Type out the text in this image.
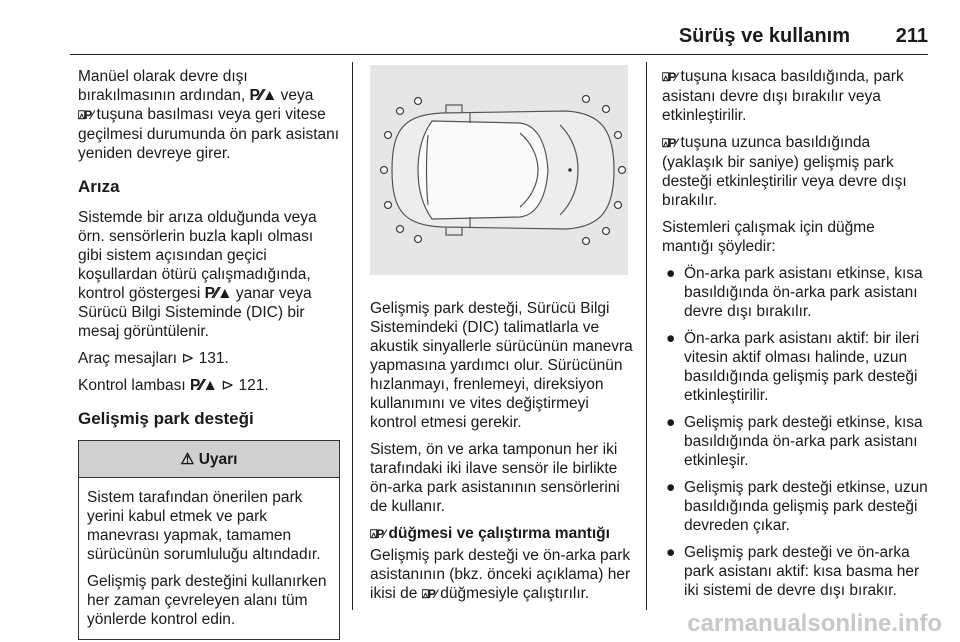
Sürüş ve kullanım 211

Manüel olarak devre dışı
bırakılmasının ardından, P⁄⁄▲ veya
⍓P⁄ tuşuna basılması veya geri vitese geçilmesi durumunda ön park asistanı yeniden devreye girer.

Arıza

Sistemde bir arıza olduğunda veya örn. sensörlerin buzla kaplı olması gibi sistem açısından geçici koşullardan ötürü çalışmadığında, kontrol göstergesi P⁄⁄▲ yanar veya Sürücü Bilgi Sisteminde (DIC) bir mesaj görüntülenir.

Araç mesajları ⊳ 131.

Kontrol lambası P⁄⁄▲ ⊳ 121.

Gelişmiş park desteği
⚠ Uyarı

Sistem tarafından önerilen park yerini kabul etmek ve park manevrası yapmak, tamamen sürücünün sorumluluğu altındadır.

Gelişmiş park desteğini kullanırken her zaman çevreleyen alanı tüm yönlerde kontrol edin.

Gelişmiş park desteği, Sürücü Bilgi Sistemindeki (DIC) talimatlarla ve akustik sinyallerle sürücünün manevra yapmasına yardımcı olur. Sürücünün hızlanmayı, frenlemeyi, direksiyon kullanımını ve vites değiştirmeyi kontrol etmesi gerekir.

Sistem, ön ve arka tamponun her iki tarafındaki iki ilave sensör ile birlikte ön-arka park asistanının sensörlerini de kullanır.

⍓P⁄ düğmesi ve çalıştırma mantığı

Gelişmiş park desteği ve ön-arka park asistanının (bkz. önceki açıklama) her ikisi de ⍓P⁄ düğmesiyle çalıştırılır.

⍓P⁄ tuşuna kısaca basıldığında, park asistanı devre dışı bırakılır veya etkinleştirilir.

⍓P⁄ tuşuna uzunca basıldığında (yaklaşık bir saniye) gelişmiş park desteği etkinleştirilir veya devre dışı bırakılır.

Sistemleri çalışmak için düğme mantığı şöyledir:

● Ön-arka park asistanı etkinse, kısa basıldığında ön-arka park asistanı devre dışı bırakılır.
● Ön-arka park asistanı aktif: bir ileri vitesin aktif olması halinde, uzun basıldığında gelişmiş park desteği etkinleştirilir.
● Gelişmiş park desteği etkinse, kısa basıldığında ön-arka park asistanı etkinleşir.
● Gelişmiş park desteği etkinse, uzun basıldığında gelişmiş park desteği devreden çıkar.
● Gelişmiş park desteği ve ön-arka park asistanı aktif: kısa basma her iki sistemi de devre dışı bırakır.
carmanualsonline.info
